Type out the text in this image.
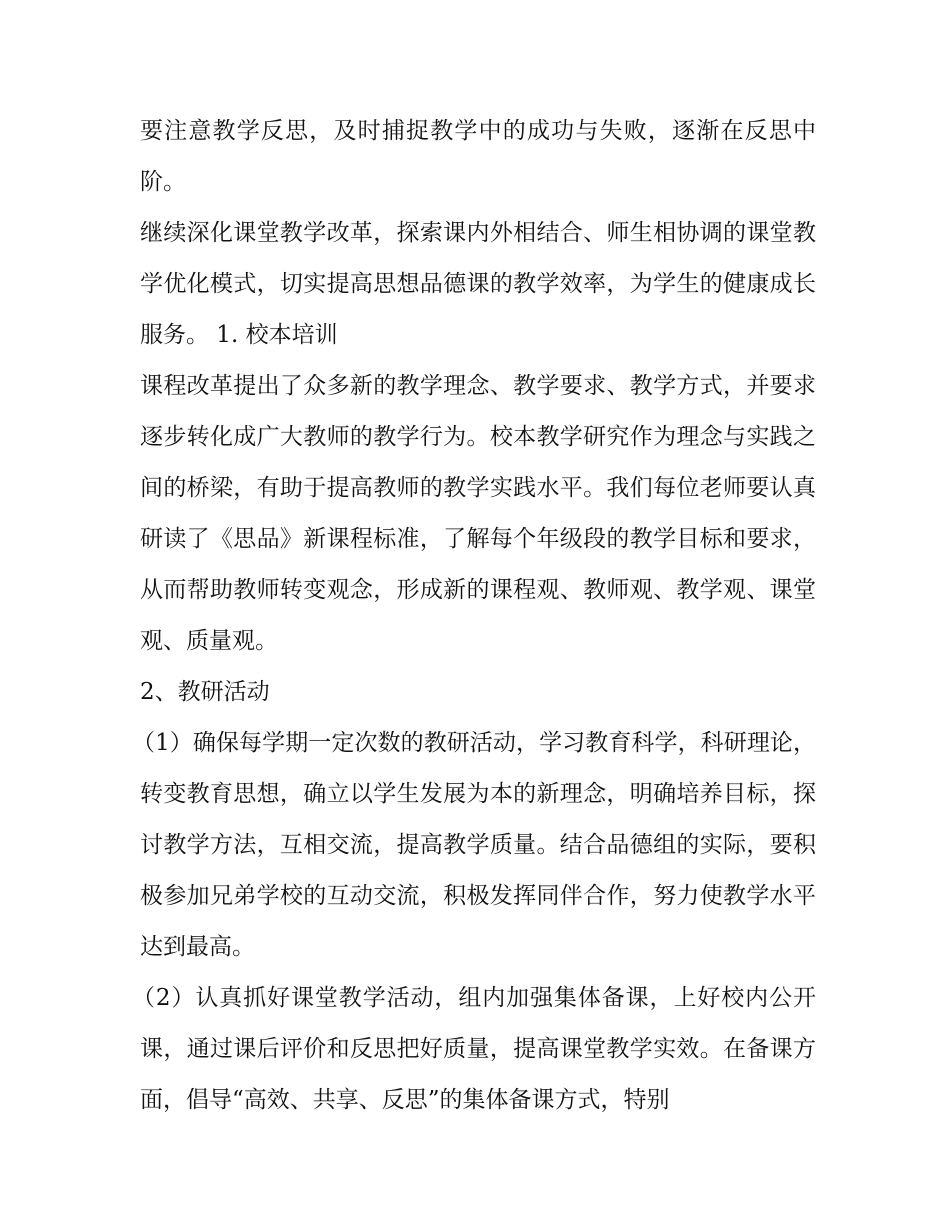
要注意教学反思，及时捕捉教学中的成功与失败，逐渐在反思中阶。

继续深化课堂教学改革，探索课内外相结合、师生相协调的课堂教学优化模式，切实提高思想品德课的教学效率，为学生的健康成长服务。 1. 校本培训

课程改革提出了众多新的教学理念、教学要求、教学方式，并要求逐步转化成广大教师的教学行为。校本教学研究作为理念与实践之间的桥梁，有助于提高教师的教学实践水平。我们每位老师要认真研读了《思品》新课程标准，了解每个年级段的教学目标和要求，从而帮助教师转变观念，形成新的课程观、教师观、教学观、课堂观、质量观。

2、教研活动

（1）确保每学期一定次数的教研活动，学习教育科学，科研理论，转变教育思想，确立以学生发展为本的新理念，明确培养目标，探讨教学方法，互相交流，提高教学质量。结合品德组的实际，要积极参加兄弟学校的互动交流，积极发挥同伴合作，努力使教学水平达到最高。

（2）认真抓好课堂教学活动，组内加强集体备课，上好校内公开课，通过课后评价和反思把好质量，提高课堂教学实效。在备课方面，倡导“高效、共享、反思”的集体备课方式，特别
